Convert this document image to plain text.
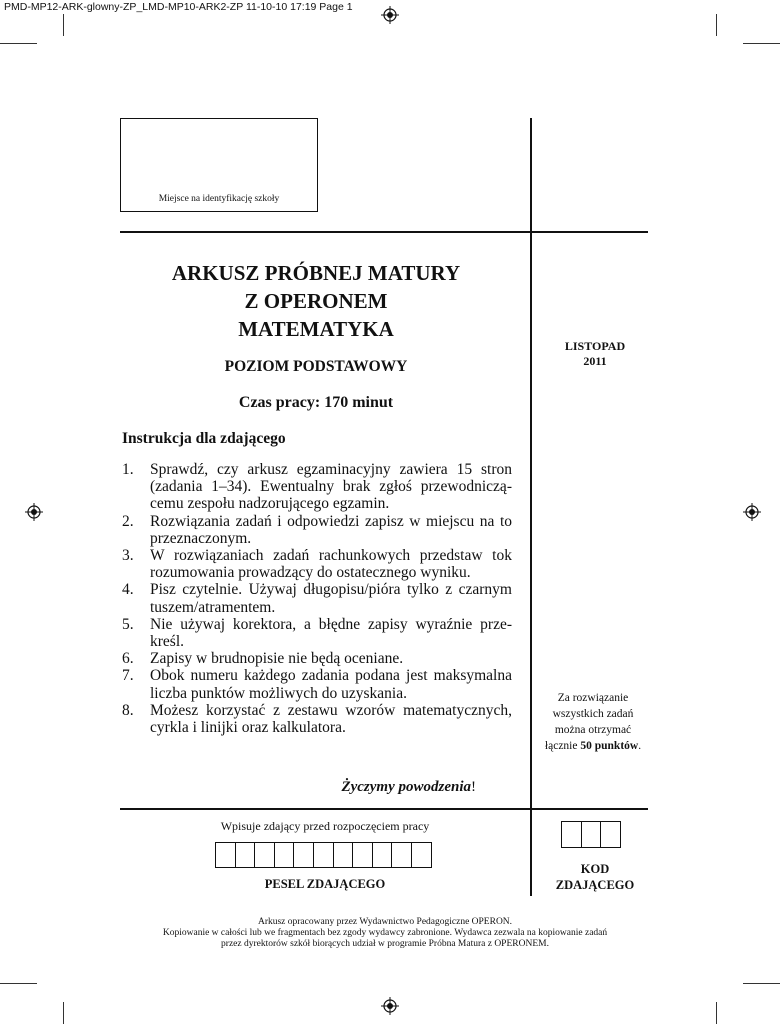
PMD-MP12-ARK-glowny-ZP_LMD-MP10-ARK2-ZP 11-10-10 17:19 Page 1
Miejsce na identyfikację szkoły
ARKUSZ PRÓBNEJ MATURY
Z OPERONEM
MATEMATYKA
POZIOM PODSTAWOWY
Czas pracy: 170 minut
LISTOPAD
2011
Instrukcja dla zdającego
1. Sprawdź, czy arkusz egzaminacyjny zawiera 15 stron (zadania 1–34). Ewentualny brak zgłoś przewodniczącemu zespołu nadzorującego egzamin.
2. Rozwiązania zadań i odpowiedzi zapisz w miejscu na to przeznaczonym.
3. W rozwiązaniach zadań rachunkowych przedstaw tok rozumowania prowadzący do ostatecznego wyniku.
4. Pisz czytelnie. Używaj długopisu/pióra tylko z czarnym tuszem/atramentem.
5. Nie używaj korektora, a błędne zapisy wyraźnie przekreśl.
6. Zapisy w brudnopisie nie będą oceniane.
7. Obok numeru każdego zadania podana jest maksymalna liczba punktów możliwych do uzyskania.
8. Możesz korzystać z zestawu wzorów matematycznych, cyrkla i linijki oraz kalkulatora.
Życzymy powodzenia!
Za rozwiązanie
wszystkich zadań
można otrzymać
łącznie 50 punktów.
Wpisuje zdający przed rozpoczęciem pracy
PESEL ZDAJĄCEGO
KOD
ZDAJĄCEGO
Arkusz opracowany przez Wydawnictwo Pedagogiczne OPERON.
Kopiowanie w całości lub we fragmentach bez zgody wydawcy zabronione. Wydawca zezwala na kopiowanie zadań
przez dyrektorów szkół biorących udział w programie Próbna Matura z OPERONEM.
